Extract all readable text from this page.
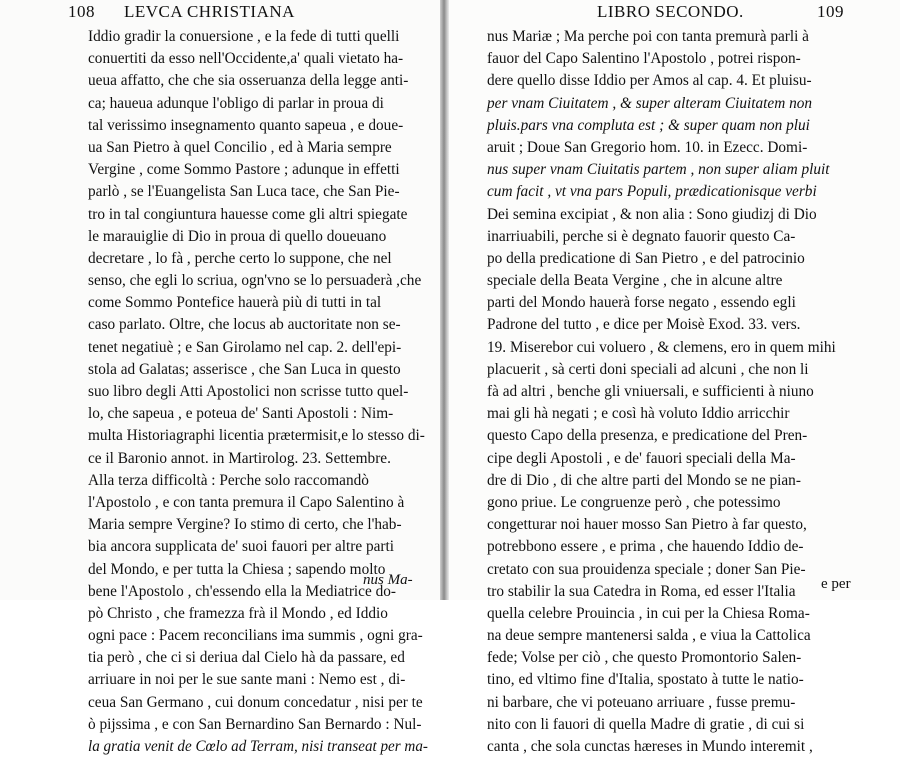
108 LEVCA CHRISTIANA
Iddio gradir la conuersione , e la fede di tutti quelli
conuertiti da esso nell'Occidente,a' quali vietato ha-
ueua affatto, che che sia osseruanza della legge anti-
ca; haueua adunque l'obligo di parlar in proua di
tal verissimo insegnamento quanto sapeua , e doue-
ua San Pietro à quel Concilio , ed à Maria sempre
Vergine , come Sommo Pastore ; adunque in effetti
parlò , se l'Euangelista San Luca tace, che San Pie-
tro in tal congiuntura hauesse come gli altri spiegate
le marauiglie di Dio in proua di quello doueuano
decretare , lo fà , perche certo lo suppone, che nel
senso, che egli lo scriua, ogn'vno se lo persuaderà ,che
come Sommo Pontefice hauerà più di tutti in tal
caso parlato. Oltre, che locus ab auctoritate non se-
tenet negatiuè ; e San Girolamo nel cap. 2. dell'epi-
stola ad Galatas; asserisce , che San Luca in questo
suo libro degli Atti Apostolici non scrisse tutto quel-
lo, che sapeua , e poteua de' Santi Apostoli : Nim-
multa Historiagraphi licentia prætermisit,e lo stesso di-
ce il Baronio annot. in Martirolog. 23. Settembre.
Alla terza difficoltà : Perche solo raccomandò
l'Apostolo , e con tanta premura il Capo Salentino à
Maria sempre Vergine? Io stimo di certo, che l'hab-
bia ancora supplicata de' suoi fauori per altre parti
del Mondo, e per tutta la Chiesa ; sapendo molto
bene l'Apostolo , ch'essendo ella la Mediatrice do-
pò Christo , che framezza frà il Mondo , ed Iddio
ogni pace : Pacem reconcilians ima summis , ogni gra-
tia però , che ci si deriua dal Cielo hà da passare, ed
arriuare in noi per le sue sante mani : Nemo est , di-
ceua San Germano , cui donum concedatur , nisi per te
ò pijssima , e con San Bernardino San Bernardo : Nul-
la gratia venit de Cœlo ad Terram, nisi transeat per ma-
nus Ma-
LIBRO SECONDO.	109
nus Mariæ ; Ma perche poi con tanta premurà parli à
fauor del Capo Salentino l'Apostolo , potrei rispon-
dere quello disse Iddio per Amos al cap. 4. Et pluisu-
per vnam Ciuitatem , & super alteram Ciuitatem non
pluis.pars vna compluta est ; & super quam non plui
aruit ; Doue San Gregorio hom. 10. in Ezecc. Domi-
nus super vnam Ciuitatis partem , non super aliam pluit
cum facit , vt vna pars Populi, prædicationisque verbi
Dei semina excipiat , & non alia : Sono giudizj di Dio
inarriuabili, perche si è degnato fauorir questo Ca-
po della predicatione di San Pietro , e del patrocinio
speciale della Beata Vergine , che in alcune altre
parti del Mondo hauerà forse negato , essendo egli
Padrone del tutto , e dice per Moisè Exod. 33. vers.
19. Miserebor cui voluero , & clemens, ero in quem mihi
placuerit , sà certi doni speciali ad alcuni , che non li
fà ad altri , benche gli vniuersali, e sufficienti à niuno
mai gli hà negati ; e così hà voluto Iddio arricchir
questo Capo della presenza, e predicatione del Pren-
cipe degli Apostoli , e de' fauori speciali della Ma-
dre di Dio , di che altre parti del Mondo se ne pian-
gono priue. Le congruenze però , che potessimo
congetturar noi hauer mosso San Pietro à far questo,
potrebbono essere , e prima , che hauendo Iddio de-
cretato con sua prouidenza speciale ; doner San Pie-
tro stabilir la sua Catedra in Roma, ed esser l'Italia
quella celebre Prouincia , in cui per la Chiesa Roma-
na deue sempre mantenersi salda , e viua la Cattolica
fede; Volse per ciò , che questo Promontorio Salen-
tino, ed vltimo fine d'Italia, spostato à tutte le natio-
ni barbare, che vi poteuano arriuare , fusse premu-
nito con li fauori di quella Madre di gratie , di cui si
canta , che sola cunctas hæreses in Mundo interemit ,
e per
